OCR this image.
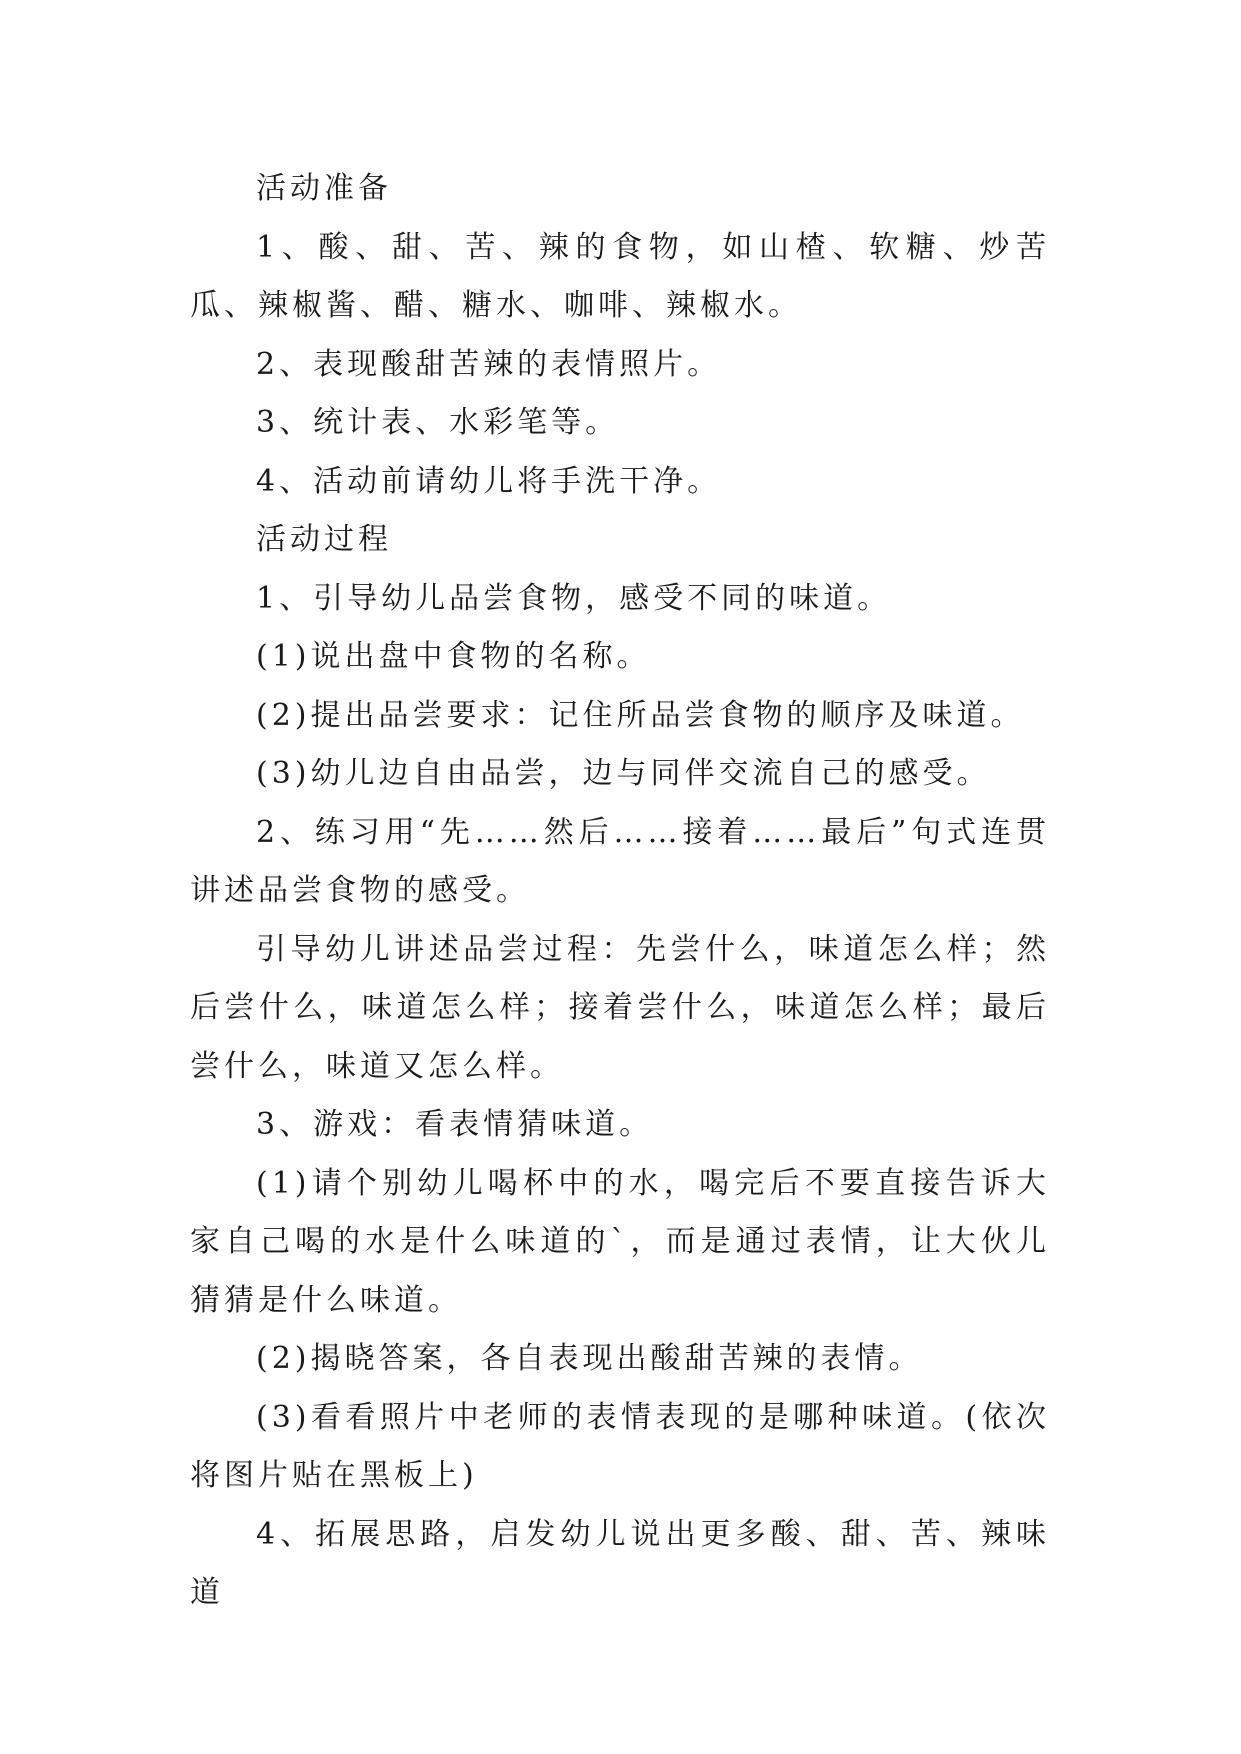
活动准备

1、酸、甜、苦、辣的食物，如山楂、软糖、炒苦瓜、辣椒酱、醋、糖水、咖啡、辣椒水。

2、表现酸甜苦辣的表情照片。

3、统计表、水彩笔等。

4、活动前请幼儿将手洗干净。

活动过程

1、引导幼儿品尝食物，感受不同的味道。

(1)说出盘中食物的名称。

(2)提出品尝要求：记住所品尝食物的顺序及味道。

(3)幼儿边自由品尝，边与同伴交流自己的感受。

2、练习用“先……然后……接着……最后”句式连贯讲述品尝食物的感受。

引导幼儿讲述品尝过程：先尝什么，味道怎么样；然后尝什么，味道怎么样；接着尝什么，味道怎么样；最后尝什么，味道又怎么样。

3、游戏：看表情猜味道。

(1)请个别幼儿喝杯中的水，喝完后不要直接告诉大家自己喝的水是什么味道的`，而是通过表情，让大伙儿猜猜是什么味道。

(2)揭晓答案，各自表现出酸甜苦辣的表情。

(3)看看照片中老师的表情表现的是哪种味道。(依次将图片贴在黑板上)

4、拓展思路，启发幼儿说出更多酸、甜、苦、辣味道
